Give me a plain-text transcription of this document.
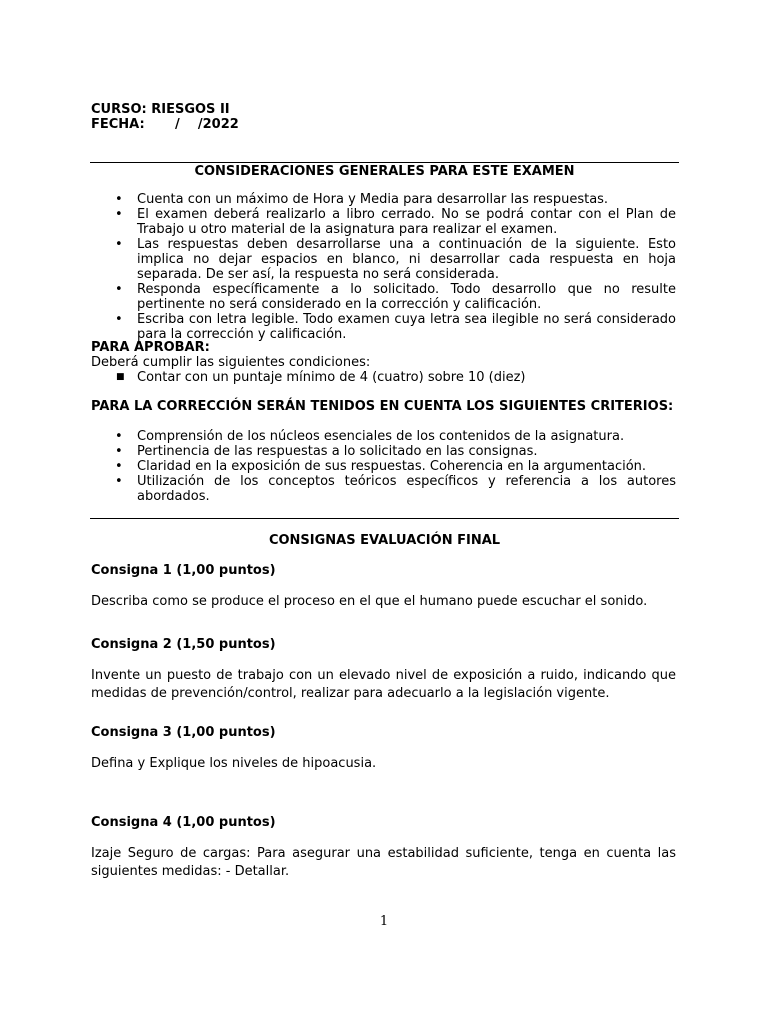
CURSO: RIESGOS II
FECHA: /    /2022
CONSIDERACIONES GENERALES PARA ESTE EXAMEN
• Cuenta con un máximo de Hora y Media para desarrollar las respuestas.
• El examen deberá realizarlo a libro cerrado. No se podrá contar con el Plan de Trabajo u otro material de la asignatura para realizar el examen.
• Las respuestas deben desarrollarse una a continuación de la siguiente. Esto implica no dejar espacios en blanco, ni desarrollar cada respuesta en hoja separada. De ser así, la respuesta no será considerada.
• Responda específicamente a lo solicitado. Todo desarrollo que no resulte pertinente no será considerado en la corrección y calificación.
• Escriba con letra legible. Todo examen cuya letra sea ilegible no será considerado para la corrección y calificación.
PARA APROBAR:
Deberá cumplir las siguientes condiciones:
■ Contar con un puntaje mínimo de 4 (cuatro) sobre 10 (diez)
PARA LA CORRECCIÓN SERÁN TENIDOS EN CUENTA LOS SIGUIENTES CRITERIOS:
• Comprensión de los núcleos esenciales de los contenidos de la asignatura.
• Pertinencia de las respuestas a lo solicitado en las consignas.
• Claridad en la exposición de sus respuestas. Coherencia en la argumentación.
• Utilización de los conceptos teóricos específicos y referencia a los autores abordados.
CONSIGNAS EVALUACIÓN FINAL
Consigna 1 (1,00 puntos)
Describa como se produce el proceso en el que el humano puede escuchar el sonido.
Consigna 2 (1,50 puntos)
Invente un puesto de trabajo con un elevado nivel de exposición a ruido, indicando que medidas de prevención/control, realizar para adecuarlo a la legislación vigente.
Consigna 3 (1,00 puntos)
Defina y Explique los niveles de hipoacusia.
Consigna 4 (1,00 puntos)
Izaje Seguro de cargas: Para asegurar una estabilidad suficiente, tenga en cuenta las siguientes medidas: - Detallar.
1
